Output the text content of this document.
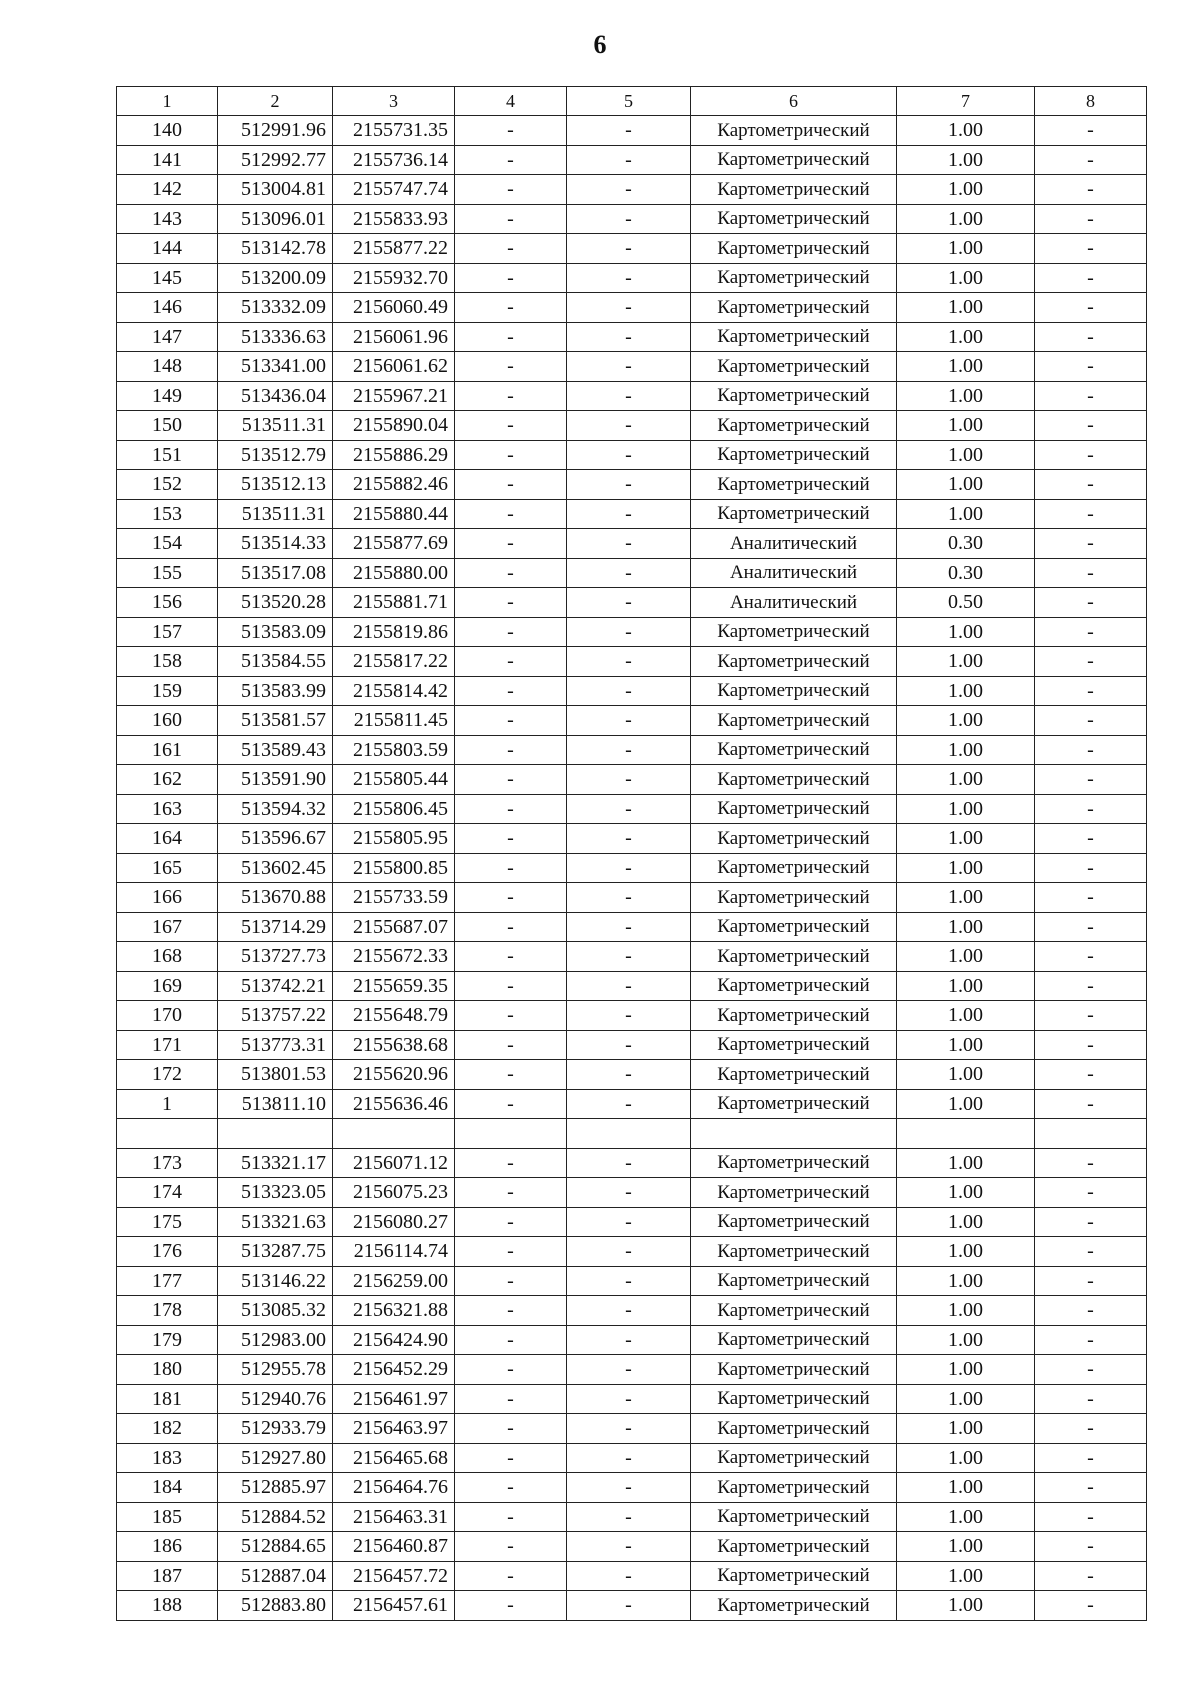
6
1	2	3	4	5	6	7	8
140	512991.96	2155731.35	-	-	Картометрический	1.00	-
141	512992.77	2155736.14	-	-	Картометрический	1.00	-
142	513004.81	2155747.74	-	-	Картометрический	1.00	-
143	513096.01	2155833.93	-	-	Картометрический	1.00	-
144	513142.78	2155877.22	-	-	Картометрический	1.00	-
145	513200.09	2155932.70	-	-	Картометрический	1.00	-
146	513332.09	2156060.49	-	-	Картометрический	1.00	-
147	513336.63	2156061.96	-	-	Картометрический	1.00	-
148	513341.00	2156061.62	-	-	Картометрический	1.00	-
149	513436.04	2155967.21	-	-	Картометрический	1.00	-
150	513511.31	2155890.04	-	-	Картометрический	1.00	-
151	513512.79	2155886.29	-	-	Картометрический	1.00	-
152	513512.13	2155882.46	-	-	Картометрический	1.00	-
153	513511.31	2155880.44	-	-	Картометрический	1.00	-
154	513514.33	2155877.69	-	-	Аналитический	0.30	-
155	513517.08	2155880.00	-	-	Аналитический	0.30	-
156	513520.28	2155881.71	-	-	Аналитический	0.50	-
157	513583.09	2155819.86	-	-	Картометрический	1.00	-
158	513584.55	2155817.22	-	-	Картометрический	1.00	-
159	513583.99	2155814.42	-	-	Картометрический	1.00	-
160	513581.57	2155811.45	-	-	Картометрический	1.00	-
161	513589.43	2155803.59	-	-	Картометрический	1.00	-
162	513591.90	2155805.44	-	-	Картометрический	1.00	-
163	513594.32	2155806.45	-	-	Картометрический	1.00	-
164	513596.67	2155805.95	-	-	Картометрический	1.00	-
165	513602.45	2155800.85	-	-	Картометрический	1.00	-
166	513670.88	2155733.59	-	-	Картометрический	1.00	-
167	513714.29	2155687.07	-	-	Картометрический	1.00	-
168	513727.73	2155672.33	-	-	Картометрический	1.00	-
169	513742.21	2155659.35	-	-	Картометрический	1.00	-
170	513757.22	2155648.79	-	-	Картометрический	1.00	-
171	513773.31	2155638.68	-	-	Картометрический	1.00	-
172	513801.53	2155620.96	-	-	Картометрический	1.00	-
1	513811.10	2155636.46	-	-	Картометрический	1.00	-

173	513321.17	2156071.12	-	-	Картометрический	1.00	-
174	513323.05	2156075.23	-	-	Картометрический	1.00	-
175	513321.63	2156080.27	-	-	Картометрический	1.00	-
176	513287.75	2156114.74	-	-	Картометрический	1.00	-
177	513146.22	2156259.00	-	-	Картометрический	1.00	-
178	513085.32	2156321.88	-	-	Картометрический	1.00	-
179	512983.00	2156424.90	-	-	Картометрический	1.00	-
180	512955.78	2156452.29	-	-	Картометрический	1.00	-
181	512940.76	2156461.97	-	-	Картометрический	1.00	-
182	512933.79	2156463.97	-	-	Картометрический	1.00	-
183	512927.80	2156465.68	-	-	Картометрический	1.00	-
184	512885.97	2156464.76	-	-	Картометрический	1.00	-
185	512884.52	2156463.31	-	-	Картометрический	1.00	-
186	512884.65	2156460.87	-	-	Картометрический	1.00	-
187	512887.04	2156457.72	-	-	Картометрический	1.00	-
188	512883.80	2156457.61	-	-	Картометрический	1.00	-
